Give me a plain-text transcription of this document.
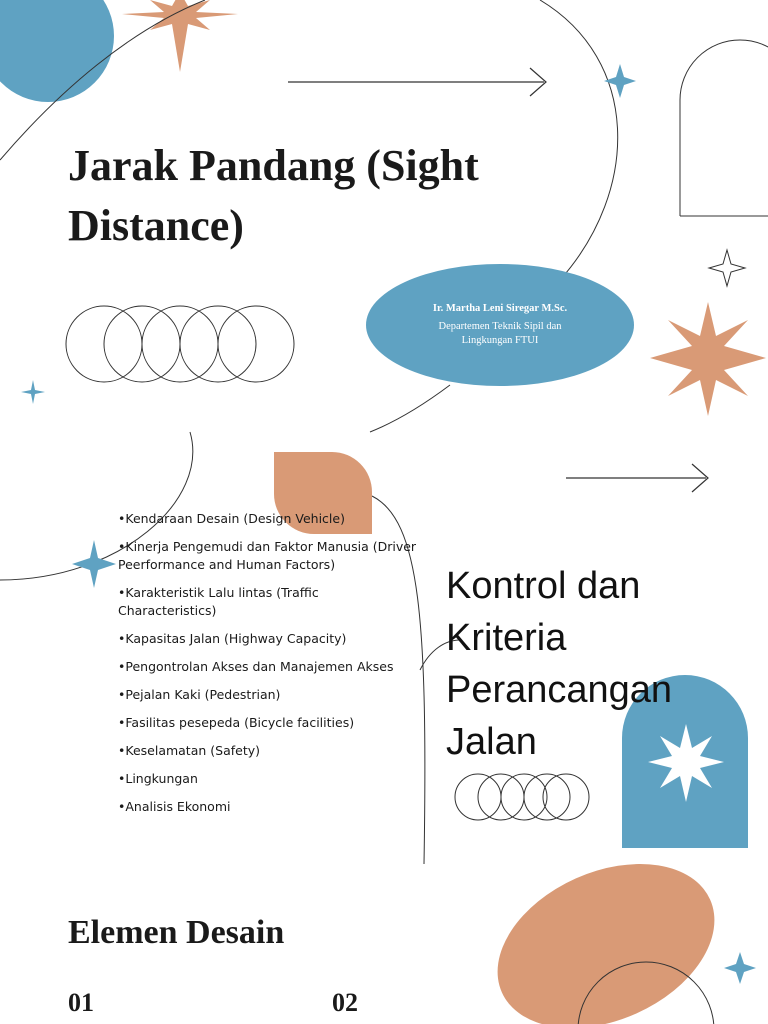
Jarak Pandang (Sight Distance)
Ir. Martha Leni Siregar M.Sc.
Departemen Teknik Sipil dan Lingkungan FTUI
•Kendaraan Desain (Design Vehicle)
•Kinerja Pengemudi dan Faktor Manusia (Driver Peerformance and Human Factors)
•Karakteristik Lalu lintas (Traffic Characteristics)
•Kapasitas Jalan (Highway Capacity)
•Pengontrolan Akses dan Manajemen Akses
•Pejalan Kaki (Pedestrian)
•Fasilitas pesepeda (Bicycle facilities)
•Keselamatan (Safety)
•Lingkungan
•Analisis Ekonomi
Kontrol dan Kriteria Perancangan Jalan
Elemen Desain
01	02
